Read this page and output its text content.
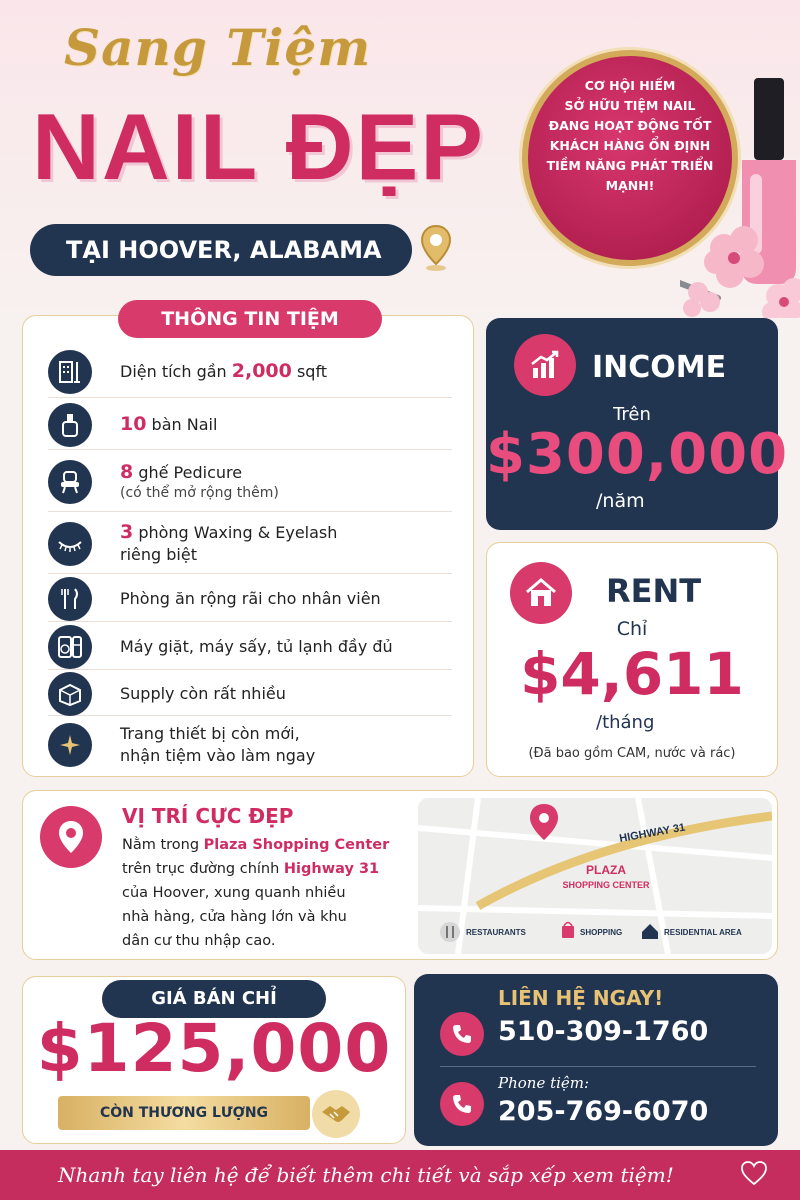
Sang Tiệm
NAIL ĐẸP
TẠI HOOVER, ALABAMA
CƠ HỘI HIẾM
SỞ HỮU TIỆM NAIL
ĐANG HOẠT ĐỘNG TỐT
KHÁCH HÀNG ỔN ĐỊNH
TIỀM NĂNG PHÁT TRIỂN
MẠNH!
THÔNG TIN TIỆM
Diện tích gần 2,000 sqft
10 bàn Nail
8 ghế Pedicure
(có thể mở rộng thêm)
3 phòng Waxing & Eyelash
riêng biệt
Phòng ăn rộng rãi cho nhân viên
Máy giặt, máy sấy, tủ lạnh đầy đủ
Supply còn rất nhiều
Trang thiết bị còn mới,
nhận tiệm vào làm ngay
INCOME
Trên
$300,000
/năm
RENT
Chỉ
$4,611
/tháng
(Đã bao gồm CAM, nước và rác)
VỊ TRÍ CỰC ĐẸP
Nằm trong Plaza Shopping Center
trên trục đường chính Highway 31
của Hoover, xung quanh nhiều
nhà hàng, cửa hàng lớn và khu
dân cư thu nhập cao.
HIGHWAY 31
PLAZA
SHOPPING CENTER
RESTAURANTS	SHOPPING	RESIDENTIAL AREA
GIÁ BÁN CHỈ
$125,000
CÒN THƯƠNG LƯỢNG
LIÊN HỆ NGAY!
510-309-1760
Phone tiệm:
205-769-6070
Nhanh tay liên hệ để biết thêm chi tiết và sắp xếp xem tiệm!
